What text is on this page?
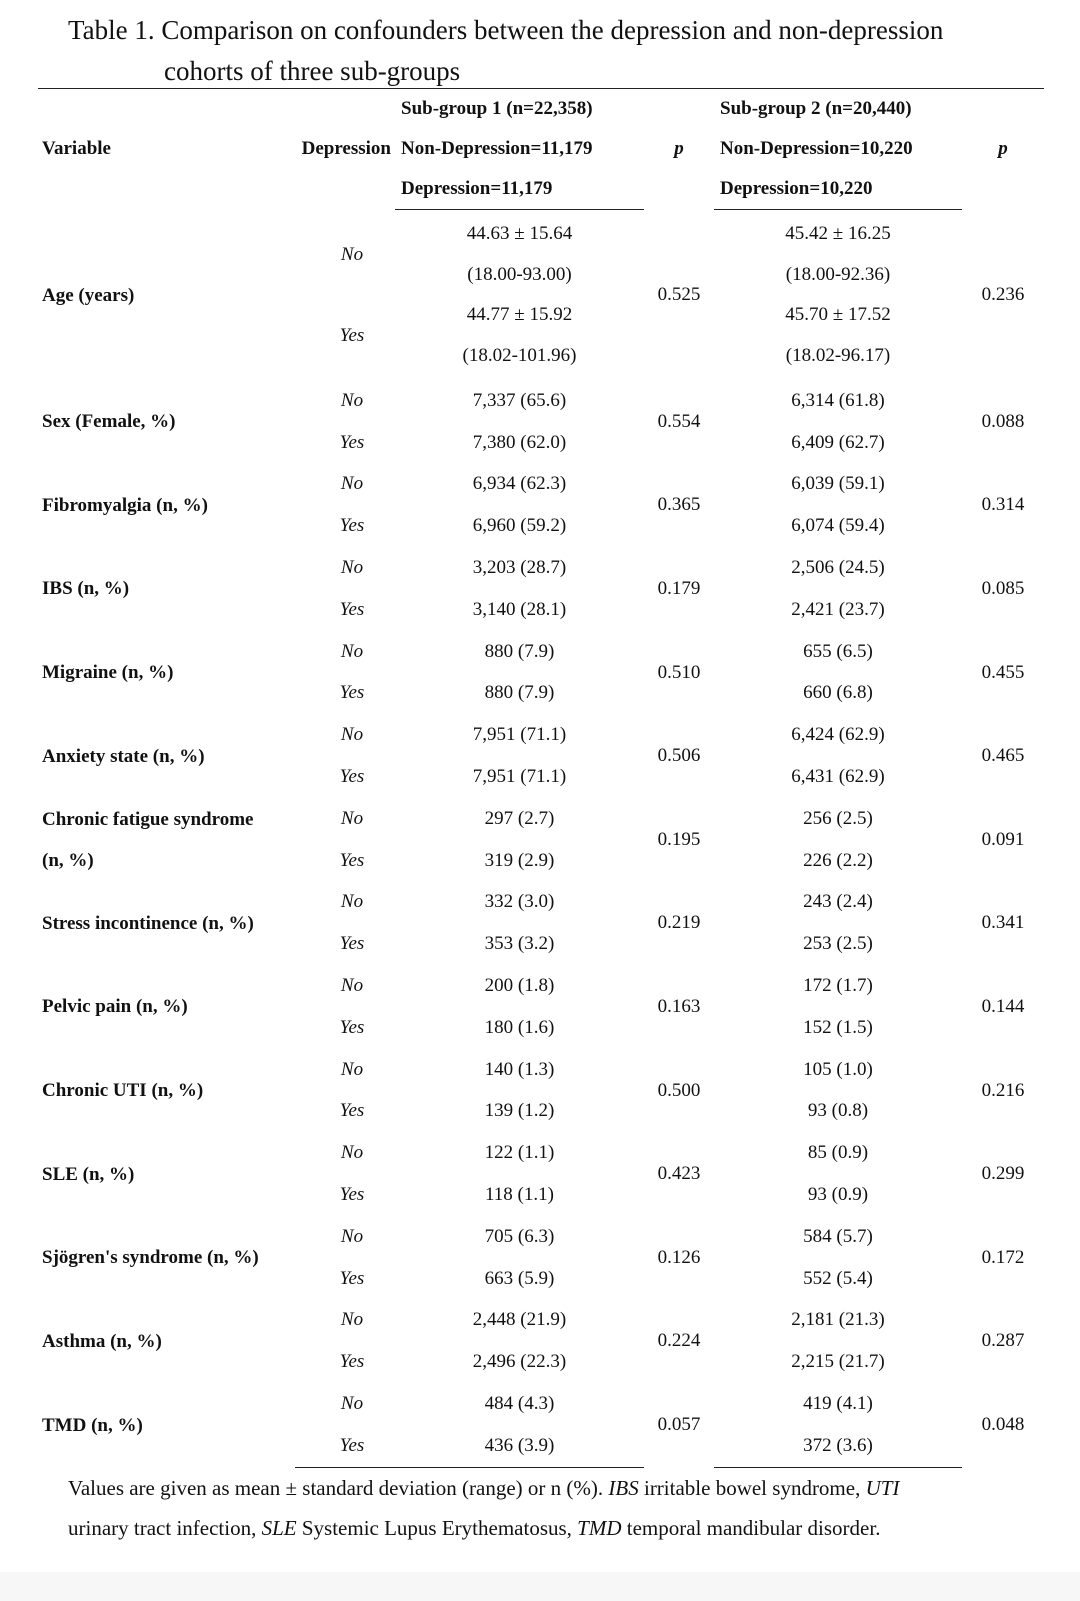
Table 1. Comparison on confounders between the depression and non-depression
cohorts of three sub-groups
Variable	Depression	Sub-group 1 (n=22,358)	p	Sub-group 2 (n=20,440)	p
		Non-Depression=11,179		Non-Depression=10,220	
		Depression=11,179		Depression=10,220	

Age (years)	No	44.63 ± 15.64	0.525	45.42 ± 16.25	0.236
		(18.00-93.00)		(18.00-92.36)	
	Yes	44.77 ± 15.92		45.70 ± 17.52	
		(18.02-101.96)		(18.02-96.17)	

Sex (Female, %)	No	7,337 (65.6)	0.554	6,314 (61.8)	0.088
	Yes	7,380 (62.0)		6,409 (62.7)	
Fibromyalgia (n, %)	No	6,934 (62.3)	0.365	6,039 (59.1)	0.314
	Yes	6,960 (59.2)		6,074 (59.4)	
IBS (n, %)	No	3,203 (28.7)	0.179	2,506 (24.5)	0.085
	Yes	3,140 (28.1)		2,421 (23.7)	
Migraine (n, %)	No	880 (7.9)	0.510	655 (6.5)	0.455
	Yes	880 (7.9)		660 (6.8)	
Anxiety state (n, %)	No	7,951 (71.1)	0.506	6,424 (62.9)	0.465
	Yes	7,951 (71.1)		6,431 (62.9)	
Chronic fatigue syndrome
(n, %)	No	297 (2.7)	0.195	256 (2.5)	0.091
	Yes	319 (2.9)		226 (2.2)	
Stress incontinence (n, %)	No	332 (3.0)	0.219	243 (2.4)	0.341
	Yes	353 (3.2)		253 (2.5)	
Pelvic pain (n, %)	No	200 (1.8)	0.163	172 (1.7)	0.144
	Yes	180 (1.6)		152 (1.5)	
Chronic UTI (n, %)	No	140 (1.3)	0.500	105 (1.0)	0.216
	Yes	139 (1.2)		93 (0.8)	
SLE (n, %)	No	122 (1.1)	0.423	85 (0.9)	0.299
	Yes	118 (1.1)		93 (0.9)	
Sjögren's syndrome (n, %)	No	705 (6.3)	0.126	584 (5.7)	0.172
	Yes	663 (5.9)		552 (5.4)	
Asthma (n, %)	No	2,448 (21.9)	0.224	2,181 (21.3)	0.287
	Yes	2,496 (22.3)		2,215 (21.7)	
TMD (n, %)	No	484 (4.3)	0.057	419 (4.1)	0.048
	Yes	436 (3.9)		372 (3.6)	
Values are given as mean ± standard deviation (range) or n (%). IBS irritable bowel syndrome, UTI
urinary tract infection, SLE Systemic Lupus Erythematosus, TMD temporal mandibular disorder.
